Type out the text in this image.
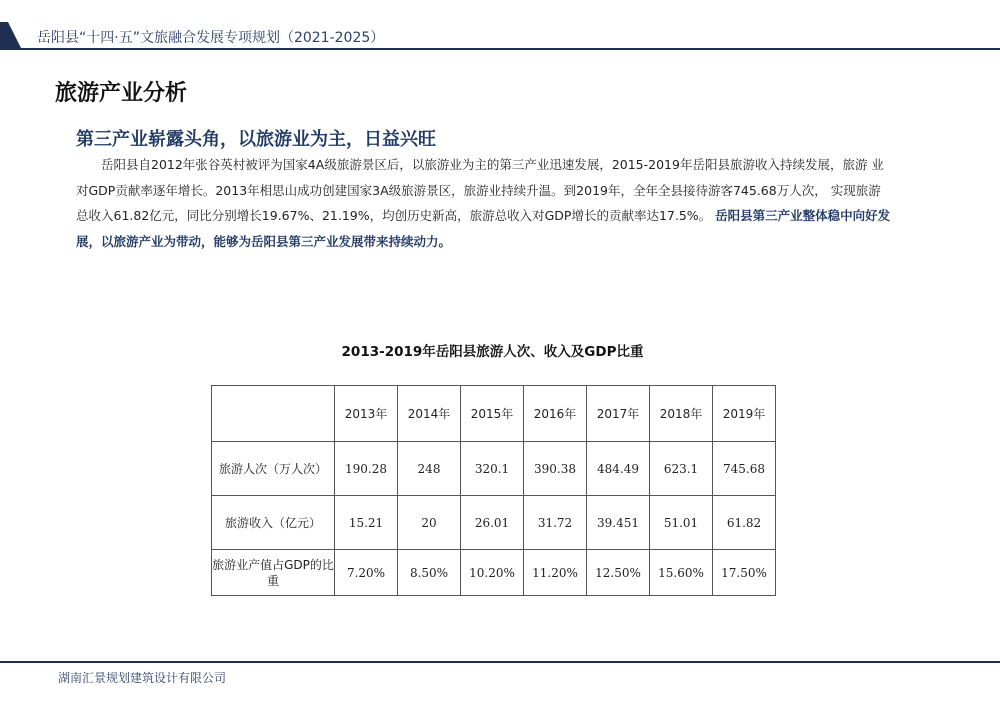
岳阳县“十四·五”文旅融合发展专项规划（2021-2025）
旅游产业分析
第三产业崭露头角，以旅游业为主，日益兴旺
岳阳县自2012年张谷英村被评为国家4A级旅游景区后，以旅游业为主的第三产业迅速发展，2015-2019年岳阳县旅游收入持续发展，旅游 业对GDP贡献率逐年增长。2013年相思山成功创建国家3A级旅游景区，旅游业持续升温。到2019年，全年全县接待游客745.68万人次， 实现旅游总收入61.82亿元，同比分别增长19.67%、21.19%，均创历史新高，旅游总收入对GDP增长的贡献率达17.5%。 岳阳县第三产业整体稳中向好发展，以旅游产业为带动，能够为岳阳县第三产业发展带来持续动力。
2013-2019年岳阳县旅游人次、收入及GDP比重
	2013年	2014年	2015年	2016年	2017年	2018年	2019年
旅游人次（万人次）	190.28	248	320.1	390.38	484.49	623.1	745.68
旅游收入（亿元）	15.21	20	26.01	31.72	39.451	51.01	61.82
旅游业产值占GDP的比重	7.20%	8.50%	10.20%	11.20%	12.50%	15.60%	17.50%
湖南汇景规划建筑设计有限公司
